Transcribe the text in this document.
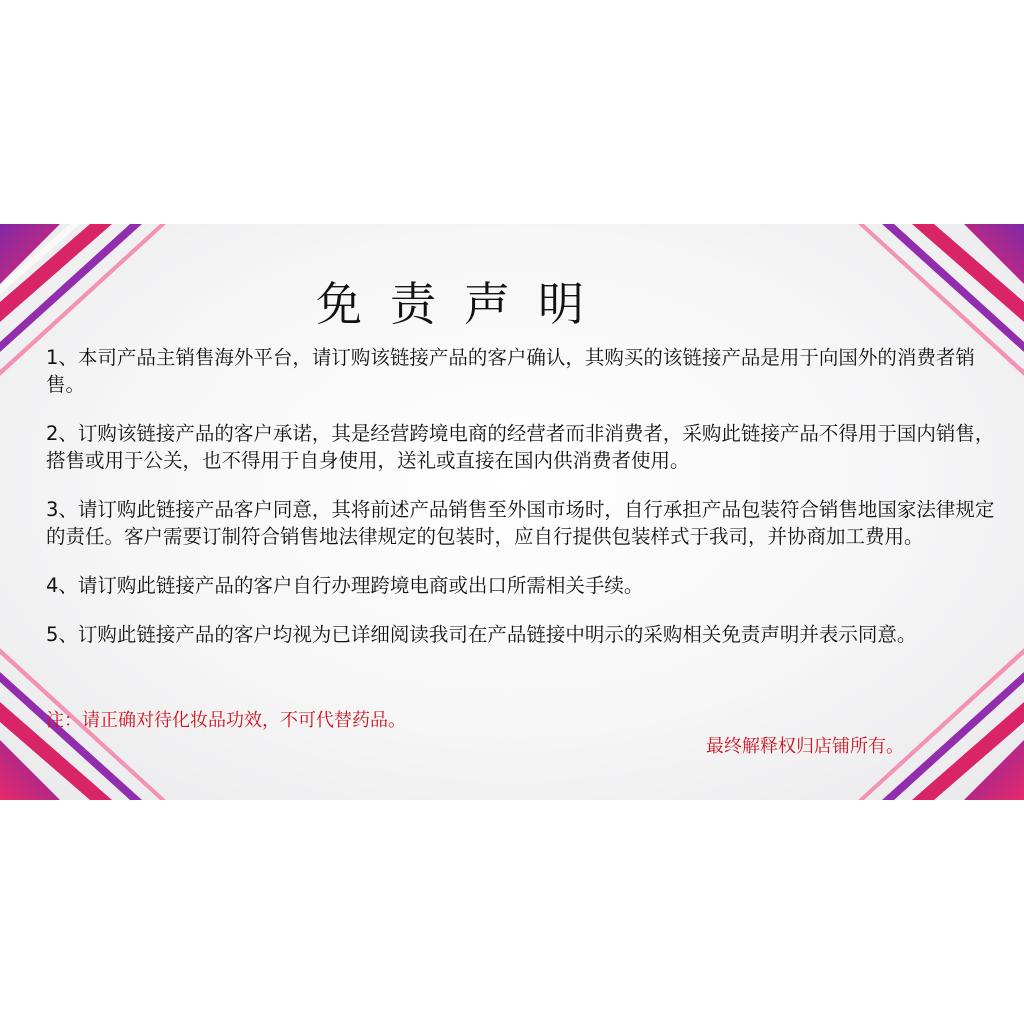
免责声明

1、本司产品主销售海外平台，请订购该链接产品的客户确认，其购买的该链接产品是用于向国外的消费者销售。

2、订购该链接产品的客户承诺，其是经营跨境电商的经营者而非消费者，采购此链接产品不得用于国内销售，搭售或用于公关，也不得用于自身使用，送礼或直接在国内供消费者使用。

3、请订购此链接产品客户同意，其将前述产品销售至外国市场时，自行承担产品包装符合销售地国家法律规定的责任。客户需要订制符合销售地法律规定的包装时，应自行提供包装样式于我司，并协商加工费用。

4、请订购此链接产品的客户自行办理跨境电商或出口所需相关手续。

5、订购此链接产品的客户均视为已详细阅读我司在产品链接中明示的采购相关免责声明并表示同意。

注：请正确对待化妆品功效，不可代替药品。
最终解释权归店铺所有。
